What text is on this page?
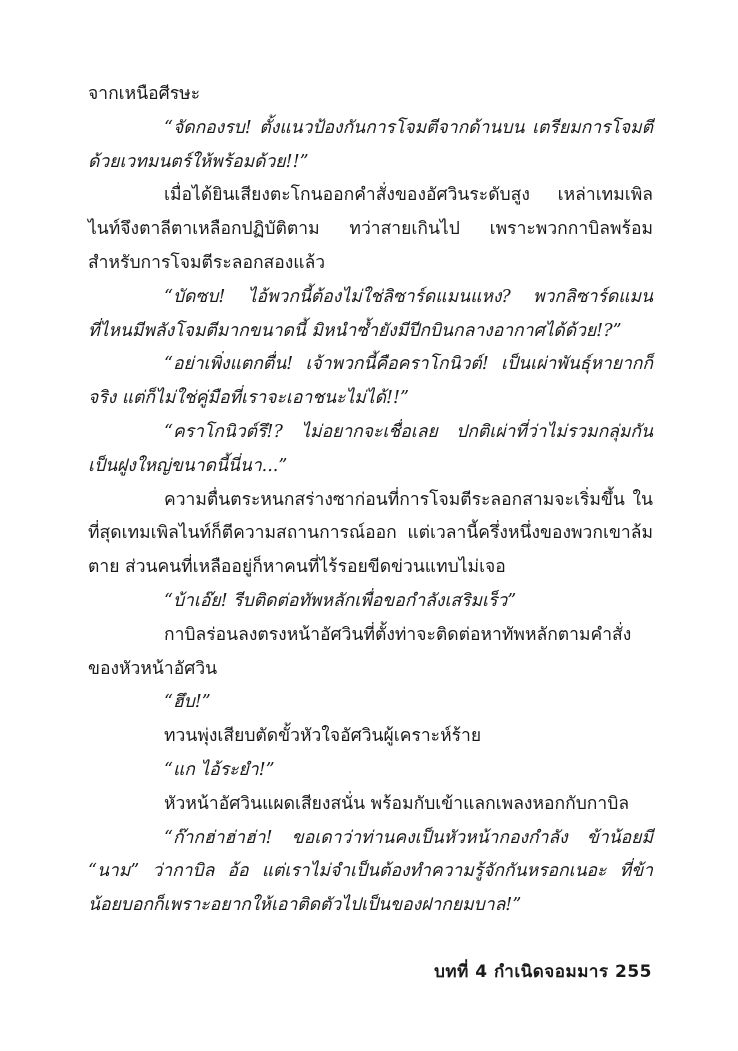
จากเหนือศีรษะ

“จัดกองรบ! ตั้งแนวป้องกันการโจมตีจากด้านบน เตรียมการโจมตีด้วยเวทมนตร์ให้พร้อมด้วย!!”

เมื่อได้ยินเสียงตะโกนออกคำสั่งของอัศวินระดับสูง เหล่าเทมเพิลไนท์จึงตาลีตาเหลือกปฏิบัติตาม ทว่าสายเกินไป เพราะพวกกาบิลพร้อมสำหรับการโจมตีระลอกสองแล้ว

“บัดซบ! ไอ้พวกนี้ต้องไม่ใช่ลิซาร์ดแมนแหง? พวกลิซาร์ดแมนที่ไหนมีพลังโจมตีมากขนาดนี้ มิหนำซ้ำยังมีปีกบินกลางอากาศได้ด้วย!?”

“อย่าเพิ่งแตกตื่น! เจ้าพวกนี้คือคราโกนิวต์! เป็นเผ่าพันธุ์หายากก็จริง แต่ก็ไม่ใช่คู่มือที่เราจะเอาชนะไม่ได้!!”

“คราโกนิวต์รึ!? ไม่อยากจะเชื่อเลย ปกติเผ่าที่ว่าไม่รวมกลุ่มกันเป็นฝูงใหญ่ขนาดนี้นี่นา...”

ความตื่นตระหนกสร่างซาก่อนที่การโจมตีระลอกสามจะเริ่มขึ้น ในที่สุดเทมเพิลไนท์ก็ตีความสถานการณ์ออก แต่เวลานี้ครึ่งหนึ่งของพวกเขาล้มตาย ส่วนคนที่เหลืออยู่ก็หาคนที่ไร้รอยขีดข่วนแทบไม่เจอ

“บ้าเอ๊ย! รีบติดต่อทัพหลักเพื่อขอกำลังเสริมเร็ว”

กาบิลร่อนลงตรงหน้าอัศวินที่ตั้งท่าจะติดต่อหาทัพหลักตามคำสั่งของหัวหน้าอัศวิน

“ฮึบ!”

ทวนพุ่งเสียบตัดขั้วหัวใจอัศวินผู้เคราะห์ร้าย

“แก ไอ้ระยำ!”

หัวหน้าอัศวินแผดเสียงสนั่น พร้อมกับเข้าแลกเพลงหอกกับกาบิล

“ก๊ากฮ่าฮ่าฮ่า! ขอเดาว่าท่านคงเป็นหัวหน้ากองกำลัง ข้าน้อยมี “นาม” ว่ากาบิล อ้อ แต่เราไม่จำเป็นต้องทำความรู้จักกันหรอกเนอะ ที่ข้าน้อยบอกก็เพราะอยากให้เอาติดตัวไปเป็นของฝากยมบาล!”

บทที่ 4 กำเนิดจอมมาร 255
